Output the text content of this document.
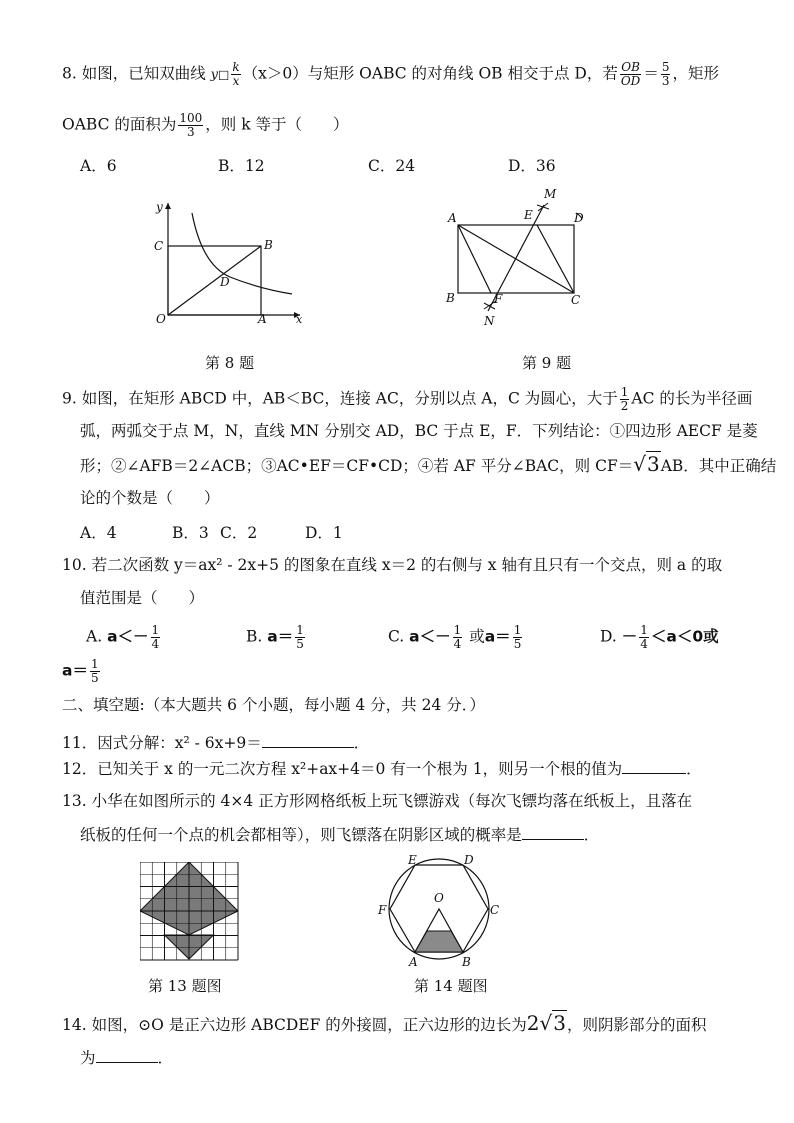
8. 如图，已知双曲线 y□ $\frac{k}{x} (x>0)$与矩形 OABC 的对角线 OB 相交于点 D，若 $\frac{OB}{OD} = \frac{5}{3}$ ，矩形
OABC 的面积为 $\frac{100}{3}$ ，则 k 等于（　　）
A．6	B．12	C．24	D．36
y
C	B
D
O	A	x
第 8 题
M
A	E	D
B	F	C
N
第 9 题
9. 如图，在矩形 ABCD 中，AB＜BC，连接 AC，分别以点 A，C 为圆心，大于 $\frac{1}{2}$ AC 的长为半径画
弧，两弧交于点 M，N，直线 MN 分别交 AD，BC 于点 E，F．下列结论：①四边形 AECF 是菱
形；②∠AFB＝2∠ACB；③AC•EF＝CF•CD；④若 AF 平分∠BAC，则 CF＝√3AB．其中正确结
论的个数是（　　）
A．4	B．3 C．2	D．1
10. 若二次函数 y＝ax² - 2x+5 的图象在直线 x＝2 的右侧与 x 轴有且只有一个交点，则 a 的取
值范围是（　　）
A. $a<- \frac{1}{4}$	B. $a= \frac{1}{5}$	C. $a<- \frac{1}{4}$ 或$a= \frac{1}{5}$	D. － $\frac{1}{4} <a<0$或
$a= \frac{1}{5}$
二、填空题:（本大题共 6 个小题，每小题 4 分，共 24 分．）
11．因式分解：x² - 6x+9＝	．
12．已知关于 x 的一元二次方程 x²+ax+4＝0 有一个根为 1，则另一个根的值为	．
13. 小华在如图所示的 4×4 正方形网格纸板上玩飞镖游戏（每次飞镖均落在纸板上，且落在
纸板的任何一个点的机会都相等），则飞镖落在阴影区域的概率是	．
第 13 题图
E	D
F
O
C
A	B
第 14 题图
14. 如图，⊙O 是正六边形 ABCDEF 的外接圆，正六边形的边长为2√3，则阴影部分的面积
为	．
